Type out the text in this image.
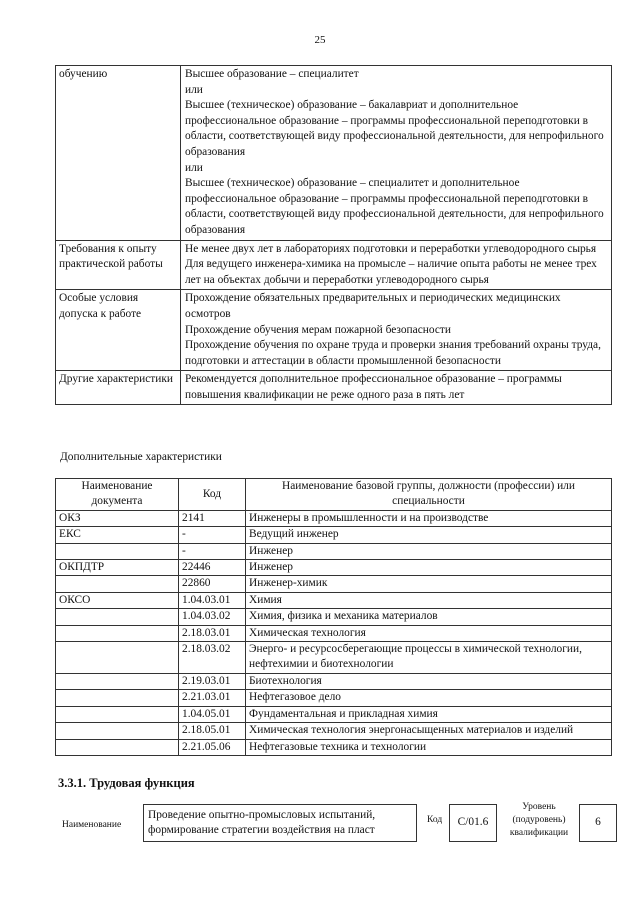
25
обучению	Высшее образование – специалитет

или

Высшее (техническое) образование – бакалавриат и дополнительное профессиональное образование – программы профессиональной переподготовки в области, соответствующей виду профессиональной деятельности, для непрофильного образования

или

Высшее (техническое) образование – специалитет и дополнительное профессиональное образование – программы профессиональной переподготовки в области, соответствующей виду профессиональной деятельности, для непрофильного образования

Требования к опыту практической работы	Не менее двух лет в лабораториях подготовки и переработки углеводородного сырья

Для ведущего инженера-химика на промысле – наличие опыта работы не менее трех лет на объектах добычи и переработки углеводородного сырья

Особые условия допуска к работе	Прохождение обязательных предварительных и периодических медицинских осмотров

Прохождение обучения мерам пожарной безопасности

Прохождение обучения по охране труда и проверки знания требований охраны труда, подготовки и аттестации в области промышленной безопасности

Другие характеристики	Рекомендуется дополнительное профессиональное образование – программы повышения квалификации не реже одного раза в пять лет

Дополнительные характеристики
Наименование документа	Код	Наименование базовой группы, должности (профессии) или специальности
ОКЗ	2141	Инженеры в промышленности и на производстве
ЕКС	-	Ведущий инженер
	-	Инженер
ОКПДТР	22446	Инженер
	22860	Инженер-химик
ОКСО	1.04.03.01	Химия
	1.04.03.02	Химия, физика и механика материалов
	2.18.03.01	Химическая технология
	2.18.03.02	Энерго- и ресурсосберегающие процессы в химической технологии, нефтехимии и биотехнологии
	2.19.03.01	Биотехнология
	2.21.03.01	Нефтегазовое дело
	1.04.05.01	Фундаментальная и прикладная химия
	2.18.05.01	Химическая технология энергонасыщенных материалов и изделий
	2.21.05.06	Нефтегазовые техника и технологии
3.3.1. Трудовая функция
Наименование
Проведение опытно-промысловых испытаний, формирование стратегии воздействия на пласт
Код С/01.6
Уровень (подуровень) квалификации
6
